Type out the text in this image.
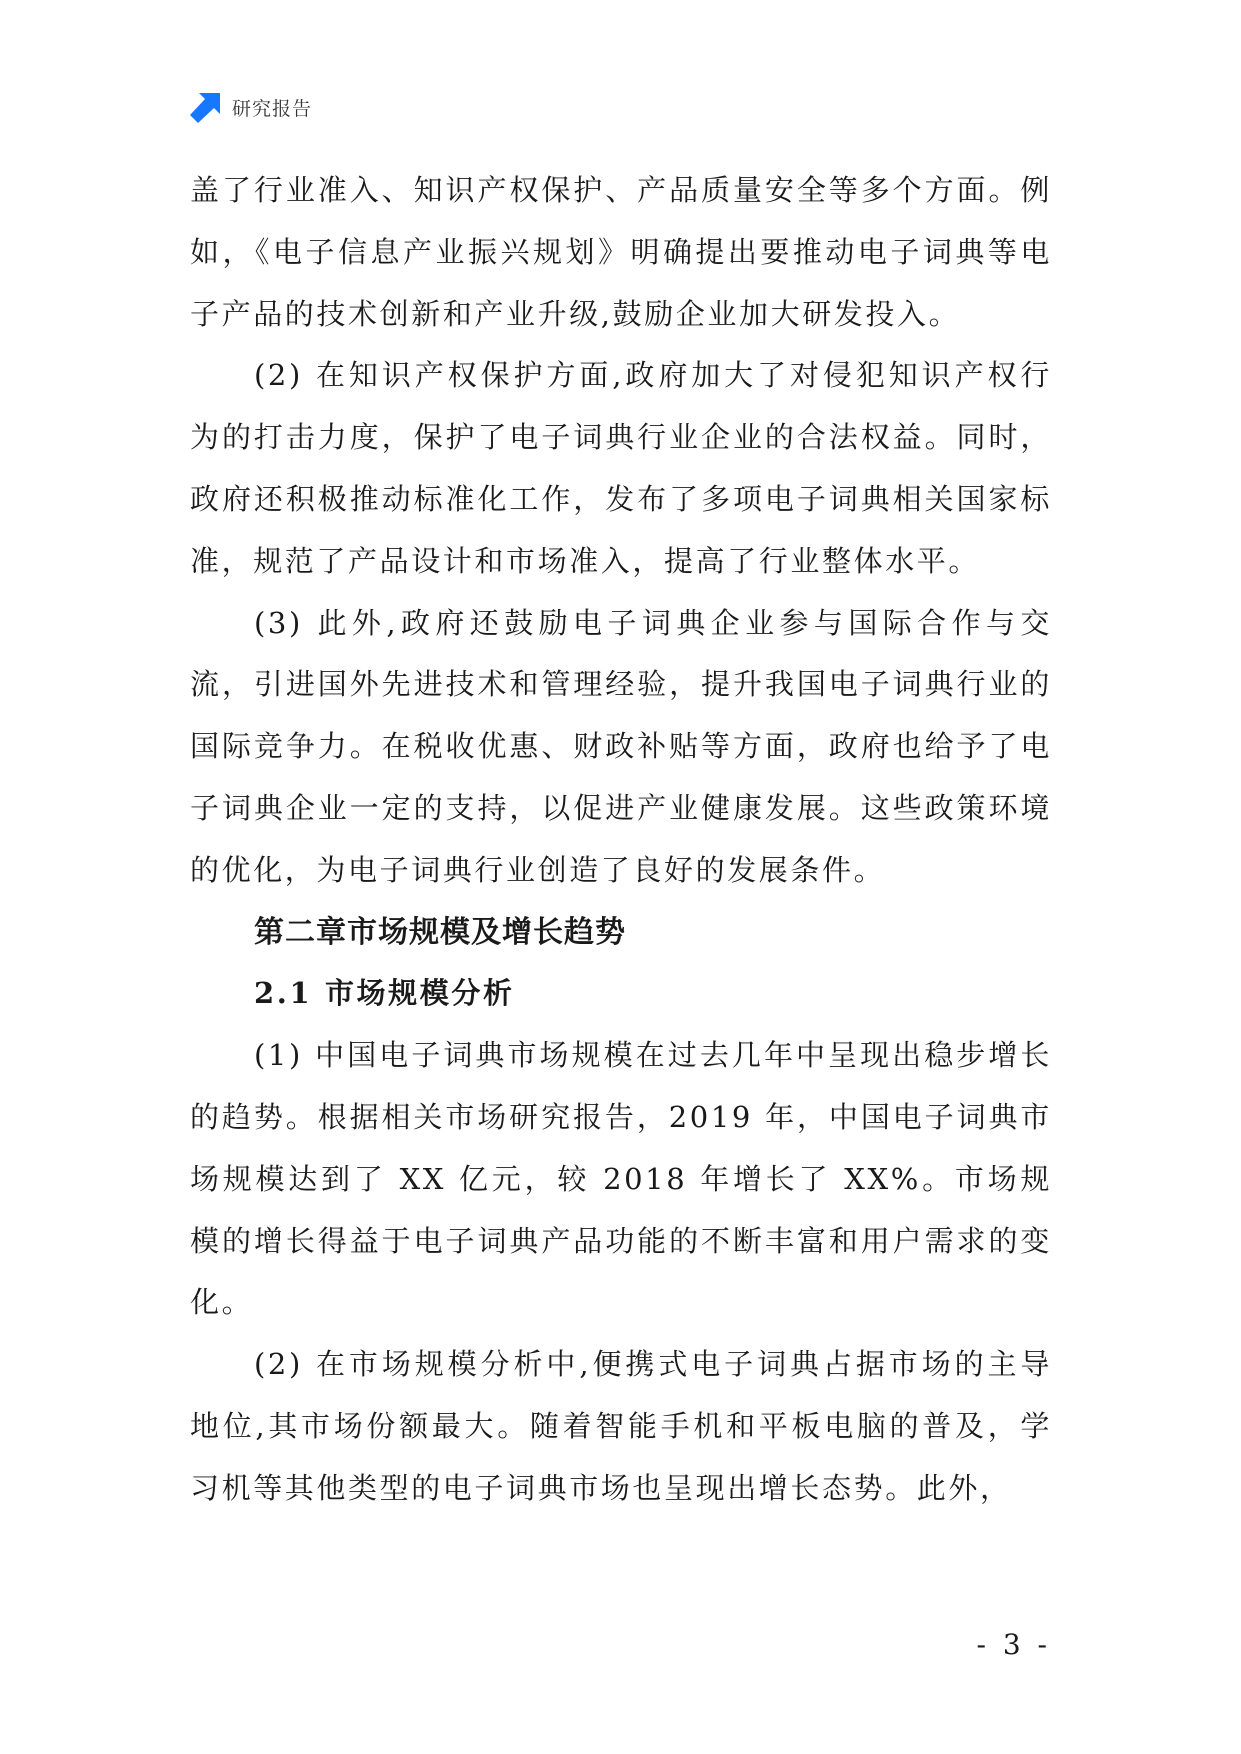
研究报告

盖了行业准入、知识产权保护、产品质量安全等多个方面。例如，《电子信息产业振兴规划》明确提出要推动电子词典等电子产品的技术创新和产业升级,鼓励企业加大研发投入。

(2) 在知识产权保护方面,政府加大了对侵犯知识产权行为的打击力度，保护了电子词典行业企业的合法权益。同时，政府还积极推动标准化工作，发布了多项电子词典相关国家标准，规范了产品设计和市场准入，提高了行业整体水平。

(3) 此外,政府还鼓励电子词典企业参与国际合作与交流，引进国外先进技术和管理经验，提升我国电子词典行业的国际竞争力。在税收优惠、财政补贴等方面，政府也给予了电子词典企业一定的支持，以促进产业健康发展。这些政策环境的优化，为电子词典行业创造了良好的发展条件。

第二章市场规模及增长趋势
2.1 市场规模分析

(1) 中国电子词典市场规模在过去几年中呈现出稳步增长的趋势。根据相关市场研究报告，2019 年，中国电子词典市场规模达到了 XX 亿元，较 2018 年增长了 XX%。市场规模的增长得益于电子词典产品功能的不断丰富和用户需求的变化。

(2) 在市场规模分析中,便携式电子词典占据市场的主导地位,其市场份额最大。随着智能手机和平板电脑的普及，学习机等其他类型的电子词典市场也呈现出增长态势。此外，

- 3 -
